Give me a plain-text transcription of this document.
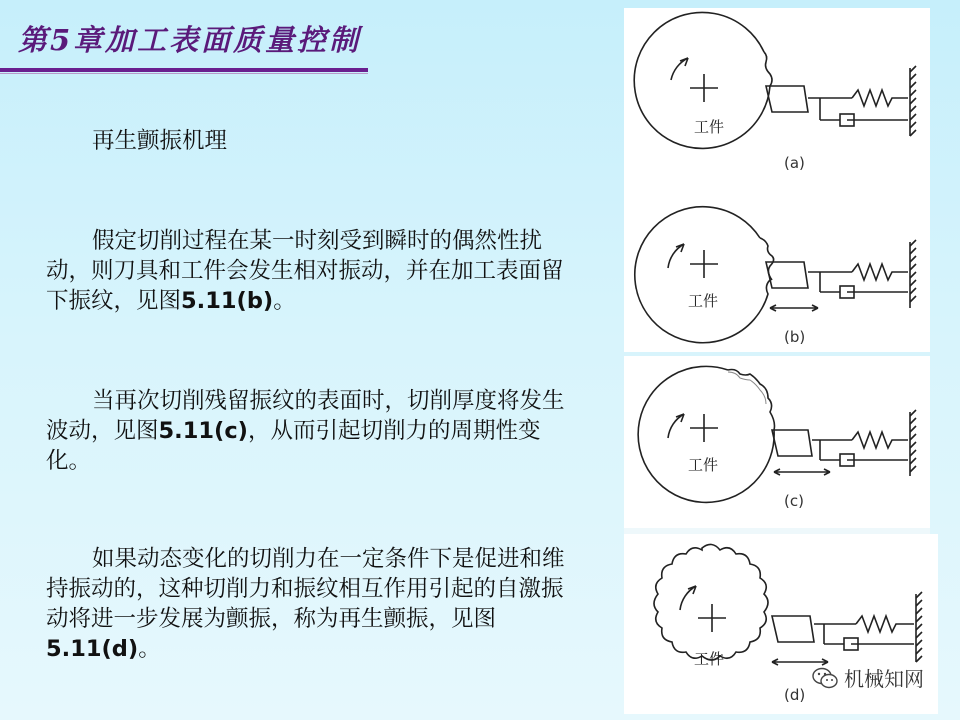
第5章加工表面质量控制

再生颤振机理

假定切削过程在某一时刻受到瞬时的偶然性扰动，则刀具和工件会发生相对振动，并在加工表面留下振纹，见图5.11(b)。

当再次切削残留振纹的表面时，切削厚度将发生波动，见图5.11(c)，从而引起切削力的周期性变化。

如果动态变化的切削力在一定条件下是促进和维持振动的，这种切削力和振纹相互作用引起的自激振动将进一步发展为颤振，称为再生颤振，见图5.11(d)。

工件
(a)
工件
(b)
工件
(c)
工件
(d)
机械知网
